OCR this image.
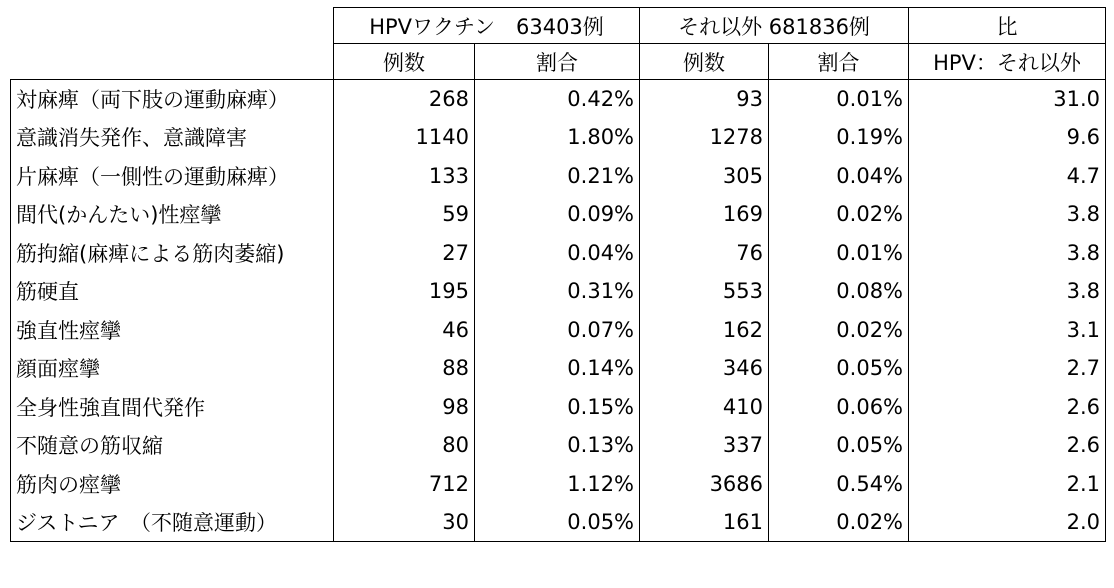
	HPVワクチン　63403例		それ以外 681836例		比
	例数	割合	例数	割合	HPV：それ以外
対麻痺（両下肢の運動麻痺）	268	0.42%	93	0.01%	31.0
意識消失発作、意識障害	1140	1.80%	1278	0.19%	9.6
片麻痺（一側性の運動麻痺）	133	0.21%	305	0.04%	4.7
間代(かんたい)性痙攣	59	0.09%	169	0.02%	3.8
筋拘縮(麻痺による筋肉萎縮)	27	0.04%	76	0.01%	3.8
筋硬直	195	0.31%	553	0.08%	3.8
強直性痙攣	46	0.07%	162	0.02%	3.1
顔面痙攣	88	0.14%	346	0.05%	2.7
全身性強直間代発作	98	0.15%	410	0.06%	2.6
不随意の筋収縮	80	0.13%	337	0.05%	2.6
筋肉の痙攣	712	1.12%	3686	0.54%	2.1
ジストニア　（不随意運動）	30	0.05%	161	0.02%	2.0
